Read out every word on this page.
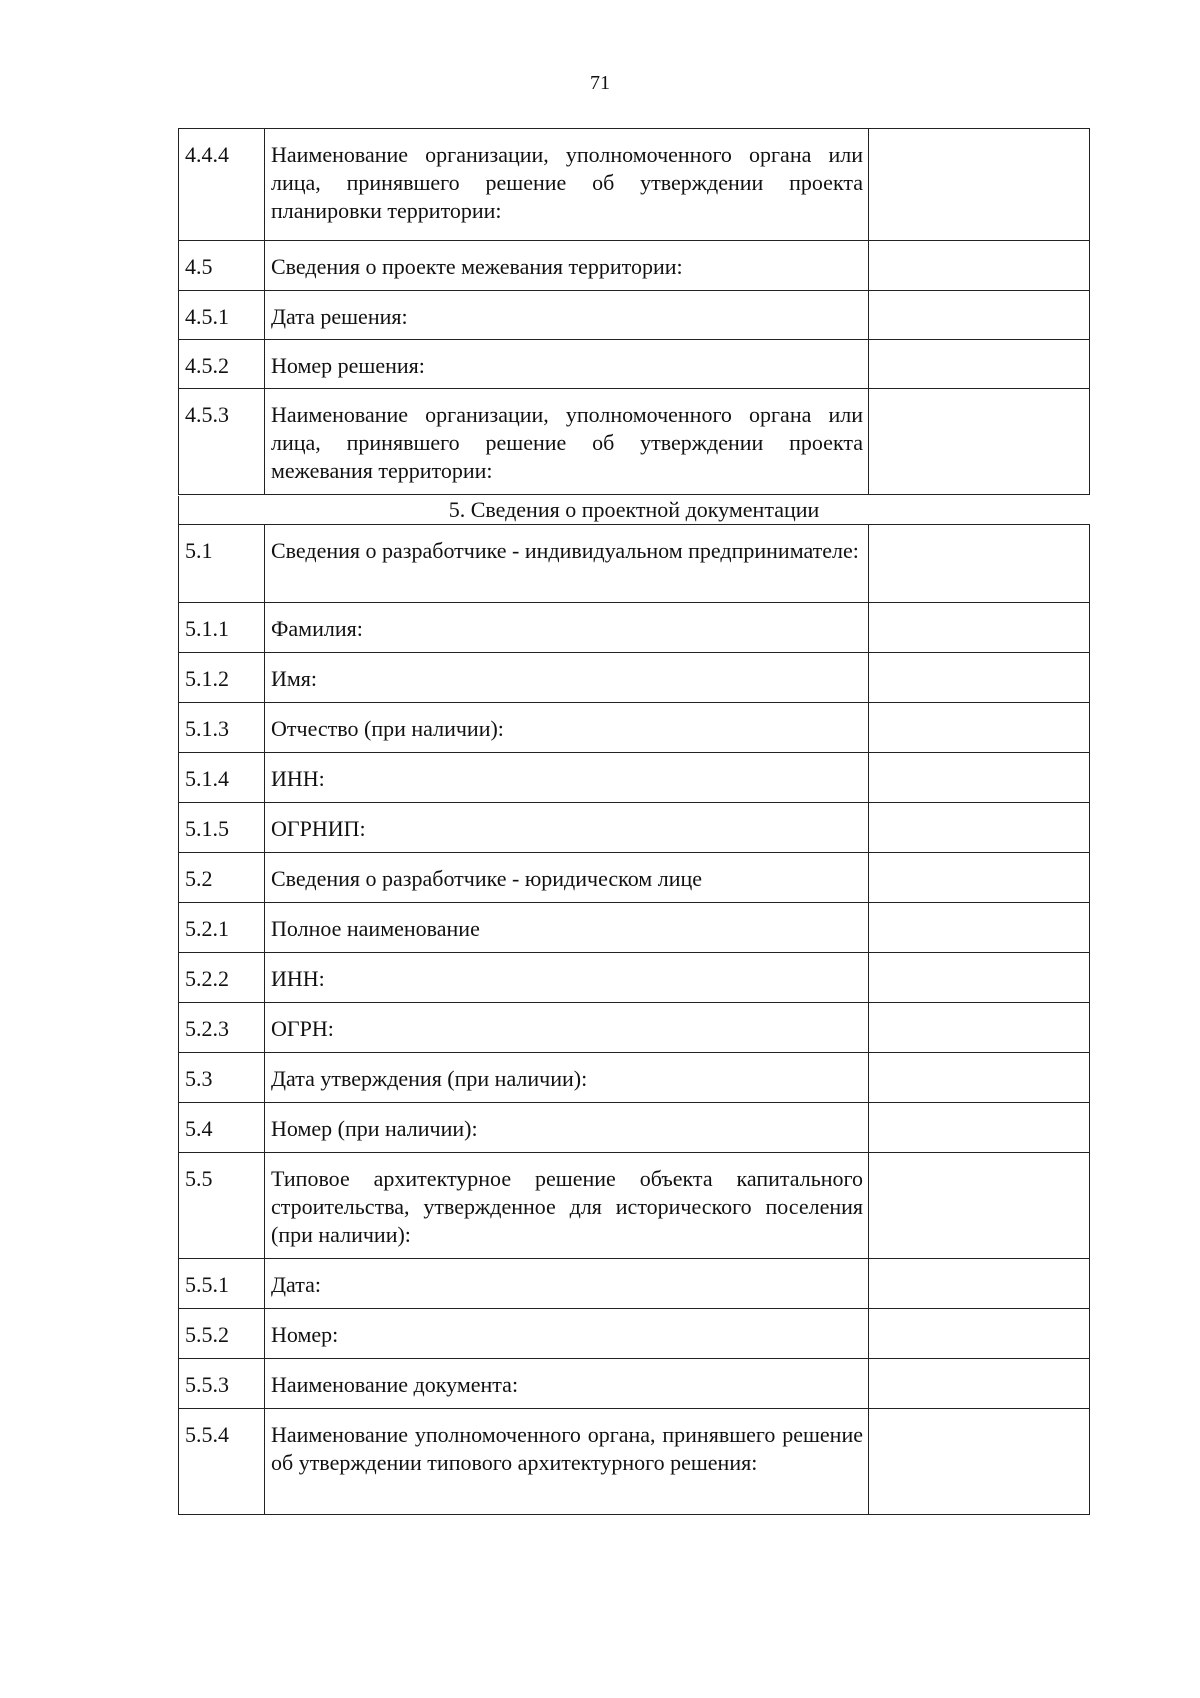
71
4.4.4	Наименование организации, уполномоченного органа или лица, принявшего решение об утверждении проекта планировки территории:	
4.5	Сведения о проекте межевания территории:	
4.5.1	Дата решения:	
4.5.2	Номер решения:	
4.5.3	Наименование организации, уполномоченного органа или лица, принявшего решение об утверждении проекта межевания территории:	
5. Сведения о проектной документации
5.1	Сведения о разработчике - индивидуальном предпринимателе:	
5.1.1	Фамилия:	
5.1.2	Имя:	
5.1.3	Отчество (при наличии):	
5.1.4	ИНН:	
5.1.5	ОГРНИП:	
5.2	Сведения о разработчике - юридическом лице	
5.2.1	Полное наименование	
5.2.2	ИНН:	
5.2.3	ОГРН:	
5.3	Дата утверждения (при наличии):	
5.4	Номер (при наличии):	
5.5	Типовое архитектурное решение объекта капитального строительства, утвержденное для исторического поселения (при наличии):	
5.5.1	Дата:	
5.5.2	Номер:	
5.5.3	Наименование документа:	
5.5.4	Наименование уполномоченного органа, принявшего решение об утверждении типового архитектурного решения:	
